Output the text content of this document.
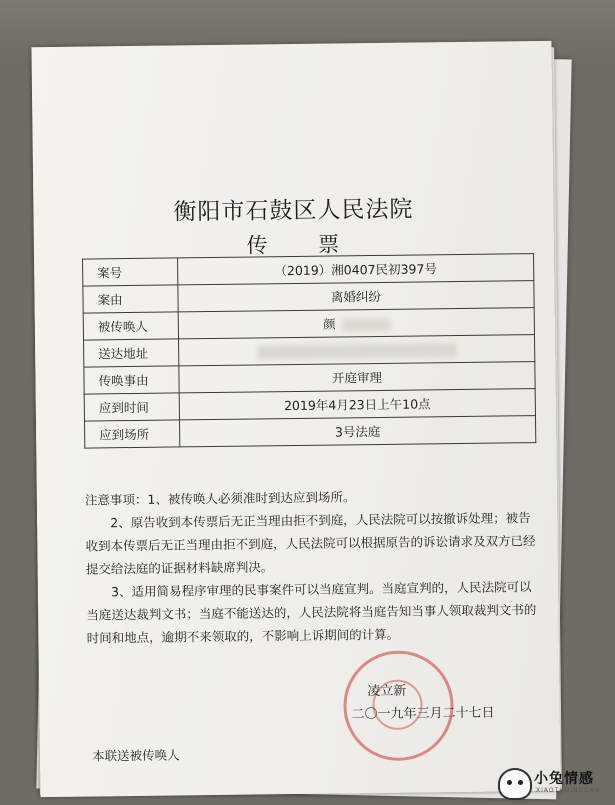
衡阳市石鼓区人民法院
传 票
案号	（2019）湘0407民初397号
案由	离婚纠纷
被传唤人	颜
送达地址	
传唤事由	开庭审理
应到时间	2019年4月23日上午10点
应到场所	3号法庭

注意事项：1、被传唤人必须准时到达应到场所。

2、原告收到本传票后无正当理由拒不到庭，人民法院可以按撤诉处理；被告收到本传票后无正当理由拒不到庭，人民法院可以根据原告的诉讼请求及双方已经提交给法庭的证据材料缺席判决。

3、适用简易程序审理的民事案件可以当庭宣判。当庭宣判的，人民法院可以当庭送达裁判文书；当庭不能送达的，人民法院将当庭告知当事人领取裁判文书的时间和地点，逾期不来领取的，不影响上诉期间的计算。

凌立新
二〇一九年三月二十七日
本联送被传唤人
小兔情感
XIAOTUQINGGAN
